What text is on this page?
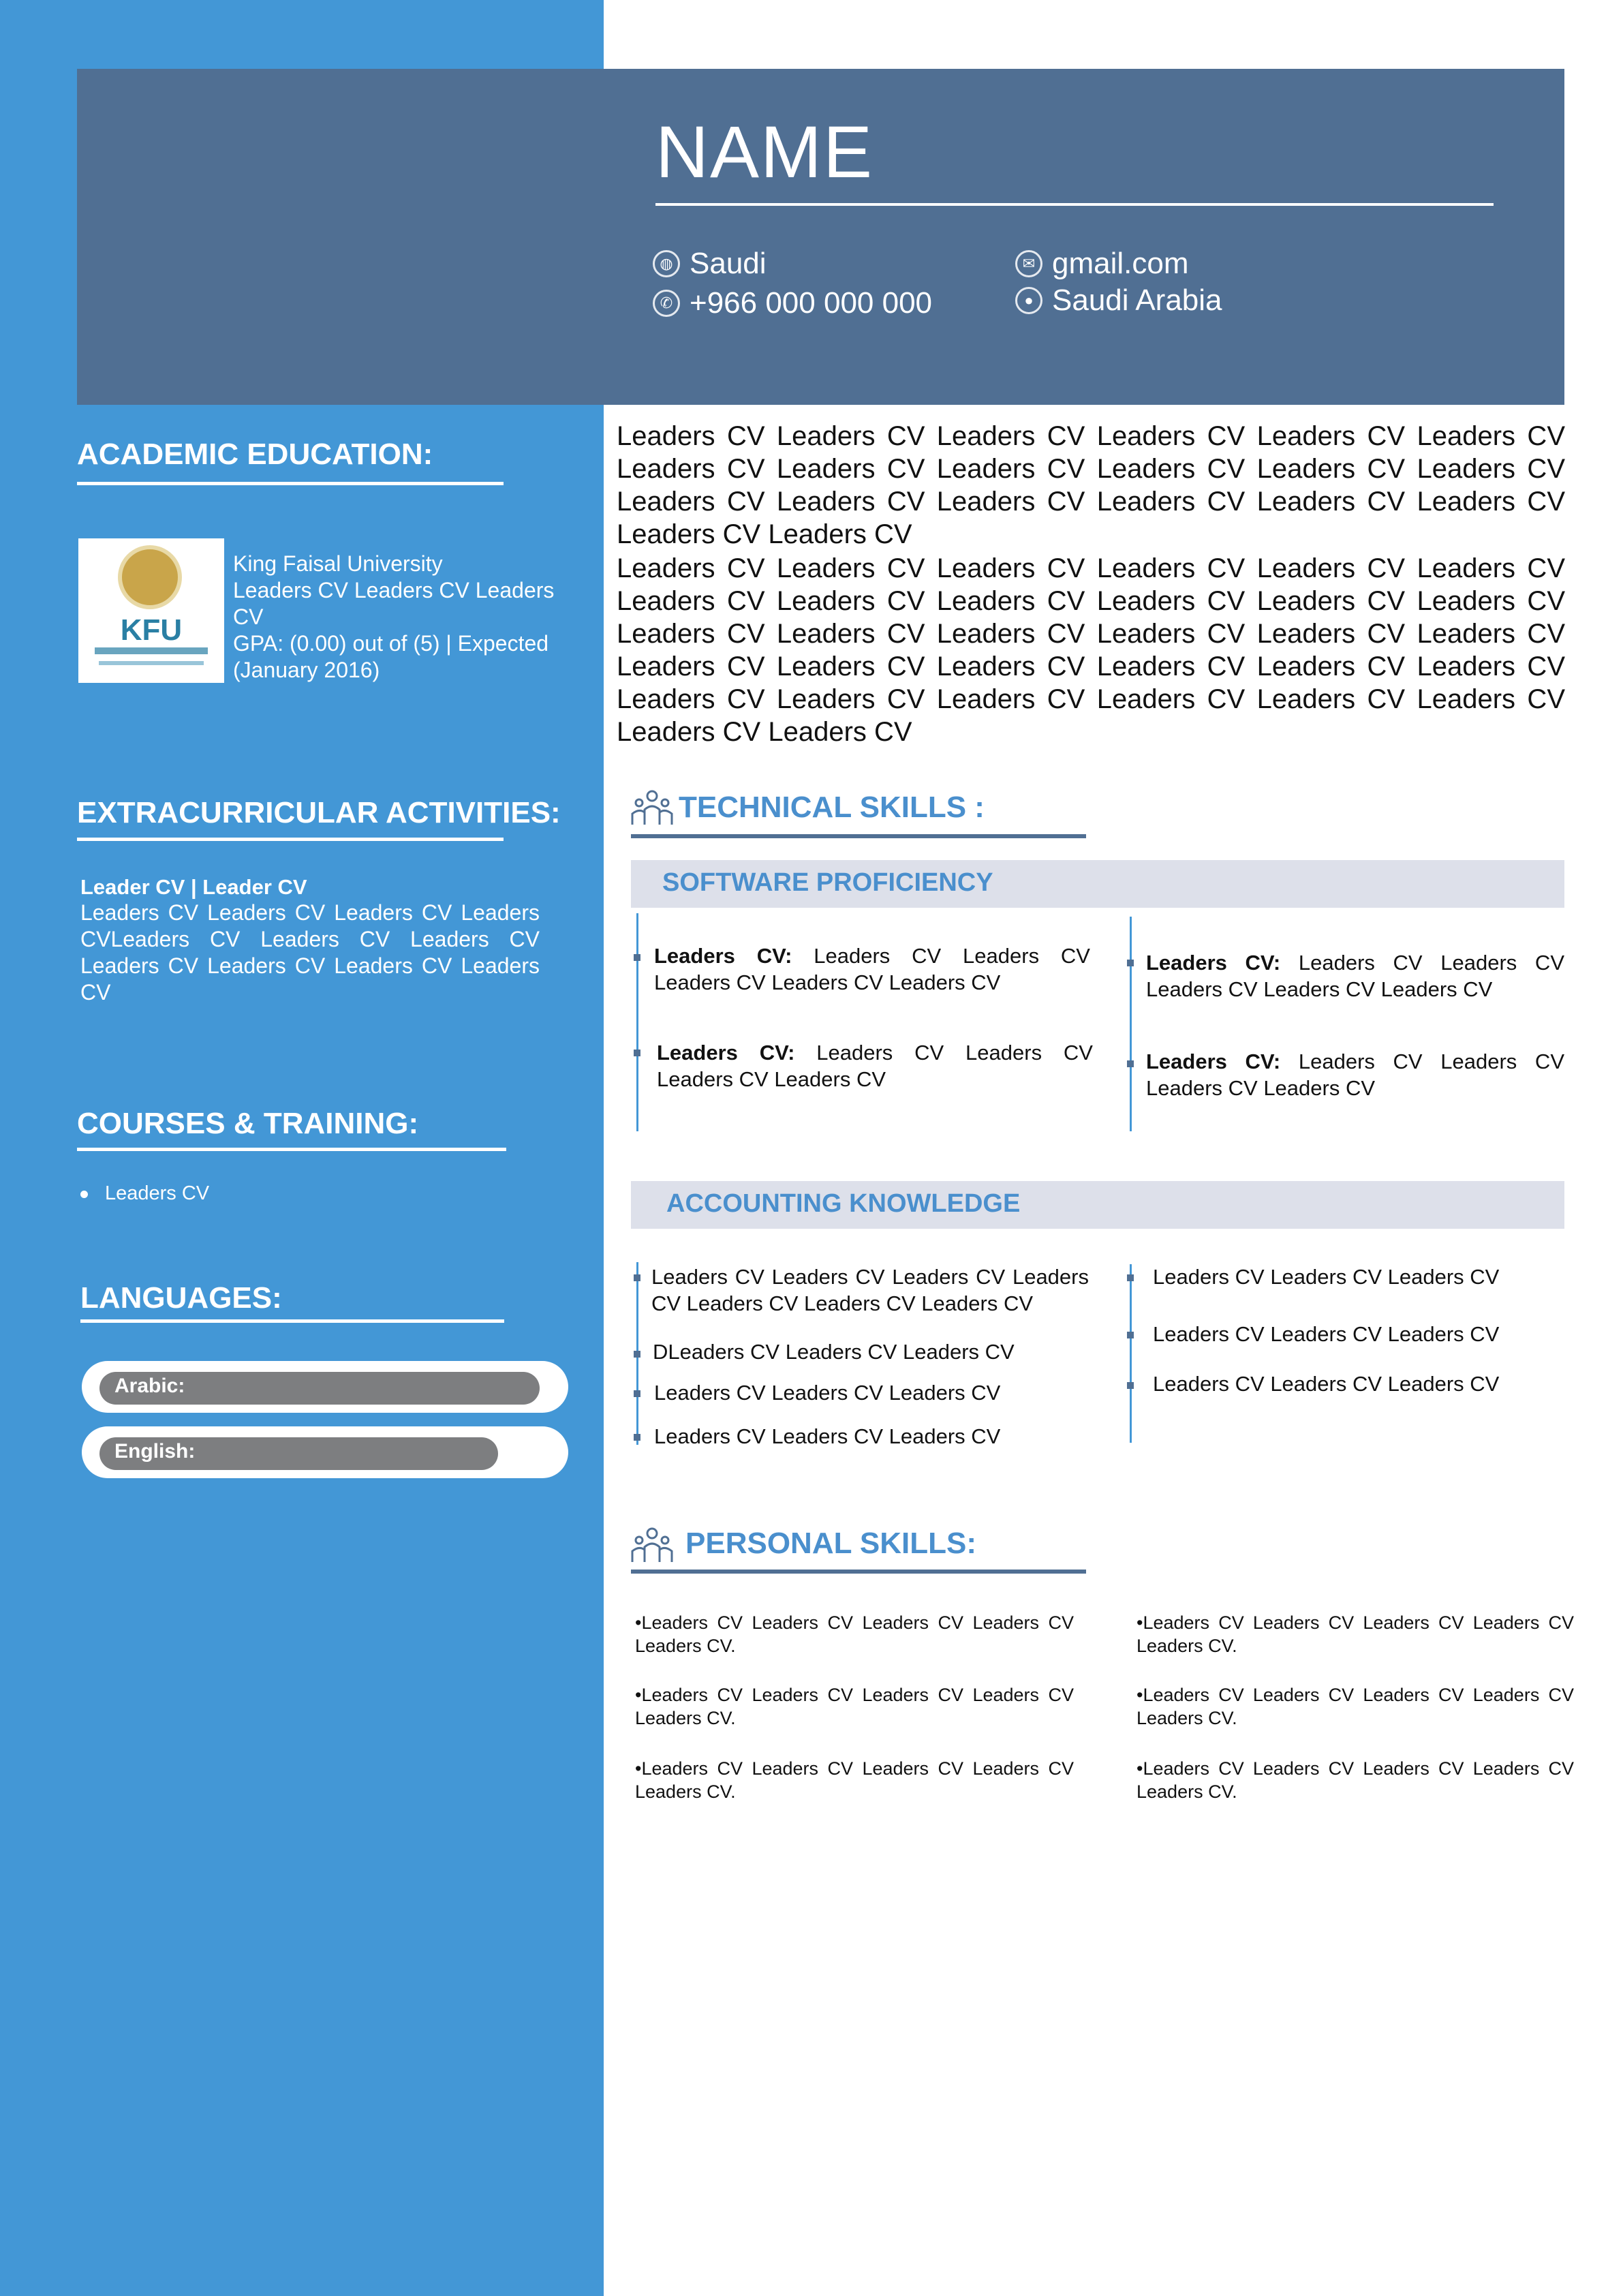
NAME
◍ Saudi
✆ +966 000 000 000
✉ gmail.com
● Saudi Arabia
ACADEMIC EDUCATION:
KFU
King Faisal University
Leaders CV Leaders CV Leaders CV
GPA: (0.00) out of (5) | Expected
(January 2016)
EXTRACURRICULAR ACTIVITIES:
Leader CV | Leader CV
Leaders CV Leaders CV Leaders CV Leaders CVLeaders CV Leaders CV Leaders CV Leaders CV Leaders CV Leaders CV Leaders CV
COURSES & TRAINING:
Leaders CV
LANGUAGES:
Arabic:
English:
Leaders CV Leaders CV Leaders CV Leaders CV Leaders CV Leaders CV Leaders CV Leaders CV Leaders CV Leaders CV Leaders CV Leaders CV Leaders CV Leaders CV Leaders CV Leaders CV Leaders CV Leaders CV Leaders CV Leaders CV
Leaders CV Leaders CV Leaders CV Leaders CV Leaders CV Leaders CV Leaders CV Leaders CV Leaders CV Leaders CV Leaders CV Leaders CV Leaders CV Leaders CV Leaders CV Leaders CV Leaders CV Leaders CV Leaders CV Leaders CV Leaders CV Leaders CV Leaders CV Leaders CV Leaders CV Leaders CV Leaders CV Leaders CV Leaders CV Leaders CV Leaders CV Leaders CV
TECHNICAL SKILLS :
SOFTWARE PROFICIENCY
Leaders CV: Leaders CV Leaders CV Leaders CV Leaders CV Leaders CV
Leaders CV: Leaders CV Leaders CV Leaders CV Leaders CV Leaders CV
Leaders CV: Leaders CV Leaders CV Leaders CV Leaders CV
Leaders CV: Leaders CV Leaders CV Leaders CV Leaders CV
ACCOUNTING KNOWLEDGE
Leaders CV Leaders CV Leaders CV Leaders CV Leaders CV Leaders CV Leaders CV
DLeaders CV Leaders CV Leaders CV
Leaders CV Leaders CV Leaders CV
Leaders CV Leaders CV Leaders CV
Leaders CV Leaders CV Leaders CV
Leaders CV Leaders CV Leaders CV
Leaders CV Leaders CV Leaders CV
PERSONAL SKILLS:
•Leaders CV Leaders CV Leaders CV Leaders CV Leaders CV.
•Leaders CV Leaders CV Leaders CV Leaders CV Leaders CV.
•Leaders CV Leaders CV Leaders CV Leaders CV Leaders CV.
•Leaders CV Leaders CV Leaders CV Leaders CV Leaders CV.
•Leaders CV Leaders CV Leaders CV Leaders CV Leaders CV.
•Leaders CV Leaders CV Leaders CV Leaders CV Leaders CV.
